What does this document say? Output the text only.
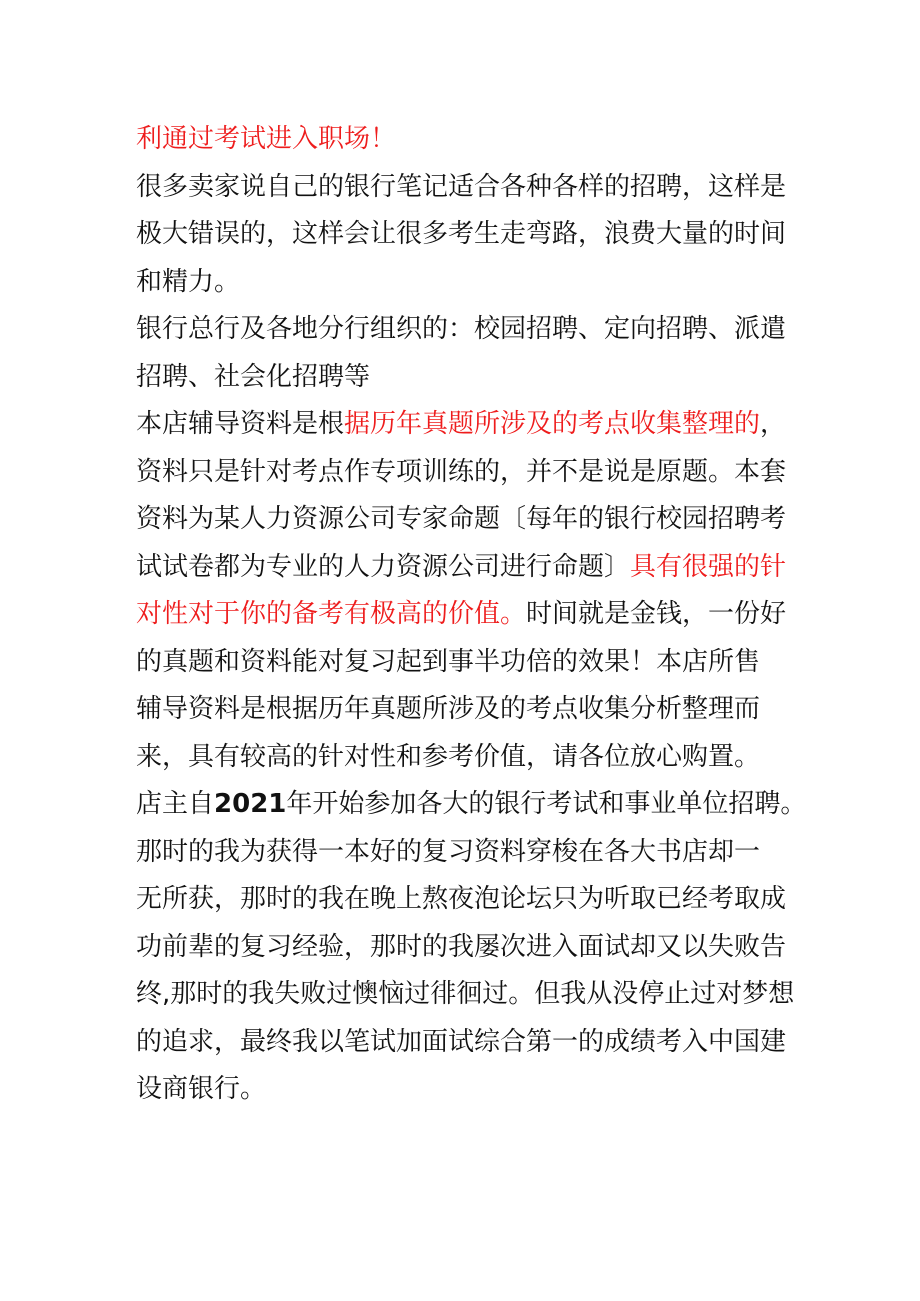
利通过考试进入职场！
很多卖家说自己的银行笔记适合各种各样的招聘，这样是
极大错误的，这样会让很多考生走弯路，浪费大量的时间
和精力。
银行总行及各地分行组织的：校园招聘、定向招聘、派遣
招聘、社会化招聘等
本店辅导资料是根据历年真题所涉及的考点收集整理的，
资料只是针对考点作专项训练的，并不是说是原题。本套
资料为某人力资源公司专家命题〔每年的银行校园招聘考
试试卷都为专业的人力资源公司进行命题〕具有很强的针
对性对于你的备考有极高的价值。时间就是金钱，一份好
的真题和资料能对复习起到事半功倍的效果！本店所售
辅导资料是根据历年真题所涉及的考点收集分析整理而
来，具有较高的针对性和参考价值，请各位放心购置。
店主自2021年开始参加各大的银行考试和事业单位招聘。
那时的我为获得一本好的复习资料穿梭在各大书店却一
无所获，那时的我在晚上熬夜泡论坛只为听取已经考取成
功前辈的复习经验，那时的我屡次进入面试却又以失败告
终,那时的我失败过懊恼过徘徊过。但我从没停止过对梦想
的追求，最终我以笔试加面试综合第一的成绩考入中国建
设商银行。
